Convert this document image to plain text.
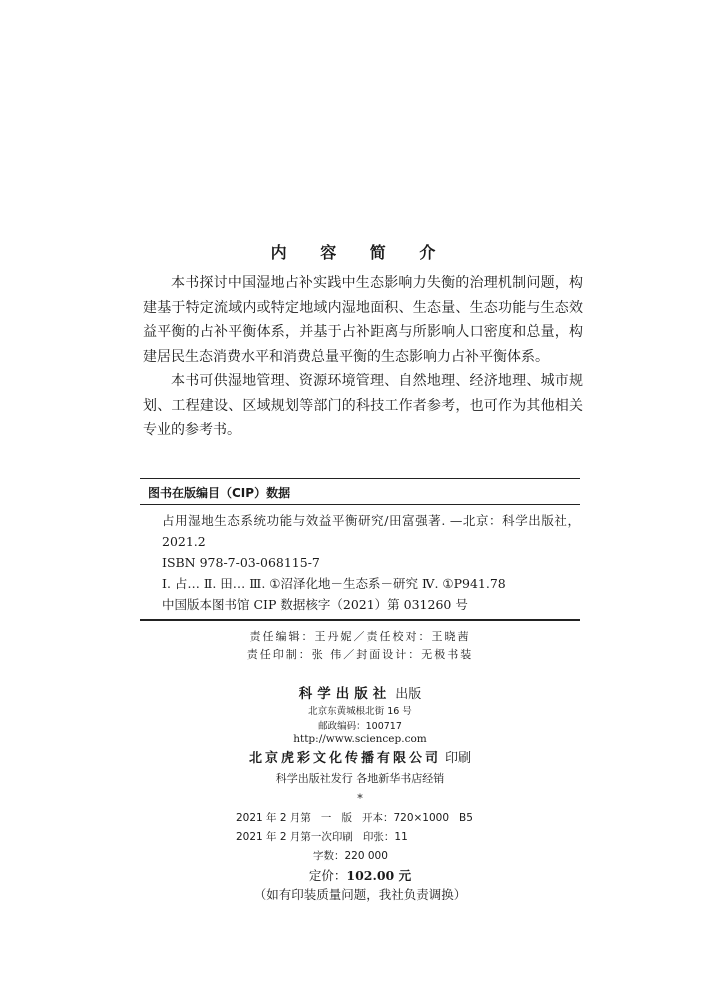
内 容 简 介

本书探讨中国湿地占补实践中生态影响力失衡的治理机制问题，构建基于特定流域内或特定地域内湿地面积、生态量、生态功能与生态效益平衡的占补平衡体系，并基于占补距离与所影响人口密度和总量，构建居民生态消费水平和消费总量平衡的生态影响力占补平衡体系。

本书可供湿地管理、资源环境管理、自然地理、经济地理、城市规划、工程建设、区域规划等部门的科技工作者参考，也可作为其他相关专业的参考书。

图书在版编目（CIP）数据
占用湿地生态系统功能与效益平衡研究/田富强著. —北京：科学出版社，2021.2
ISBN 978-7-03-068115-7
Ⅰ. 占… Ⅱ. 田… Ⅲ. ①沼泽化地－生态系－研究 Ⅳ. ①P941.78
中国版本图书馆 CIP 数据核字（2021）第 031260 号
责任编辑：王丹妮／责任校对：王晓茜
责任印制：张 伟／封面设计：无极书装
科学出版社 出版
北京东黄城根北街 16 号
邮政编码：100717
http://www.sciencep.com
北京虎彩文化传播有限公司 印刷
科学出版社发行 各地新华书店经销
*
2021 年 2 月第   一   版   开本：720×1000   B5
2021 年 2 月第一次印刷   印张：11
字数：220 000
定价：102.00 元
（如有印装质量问题，我社负责调换）
